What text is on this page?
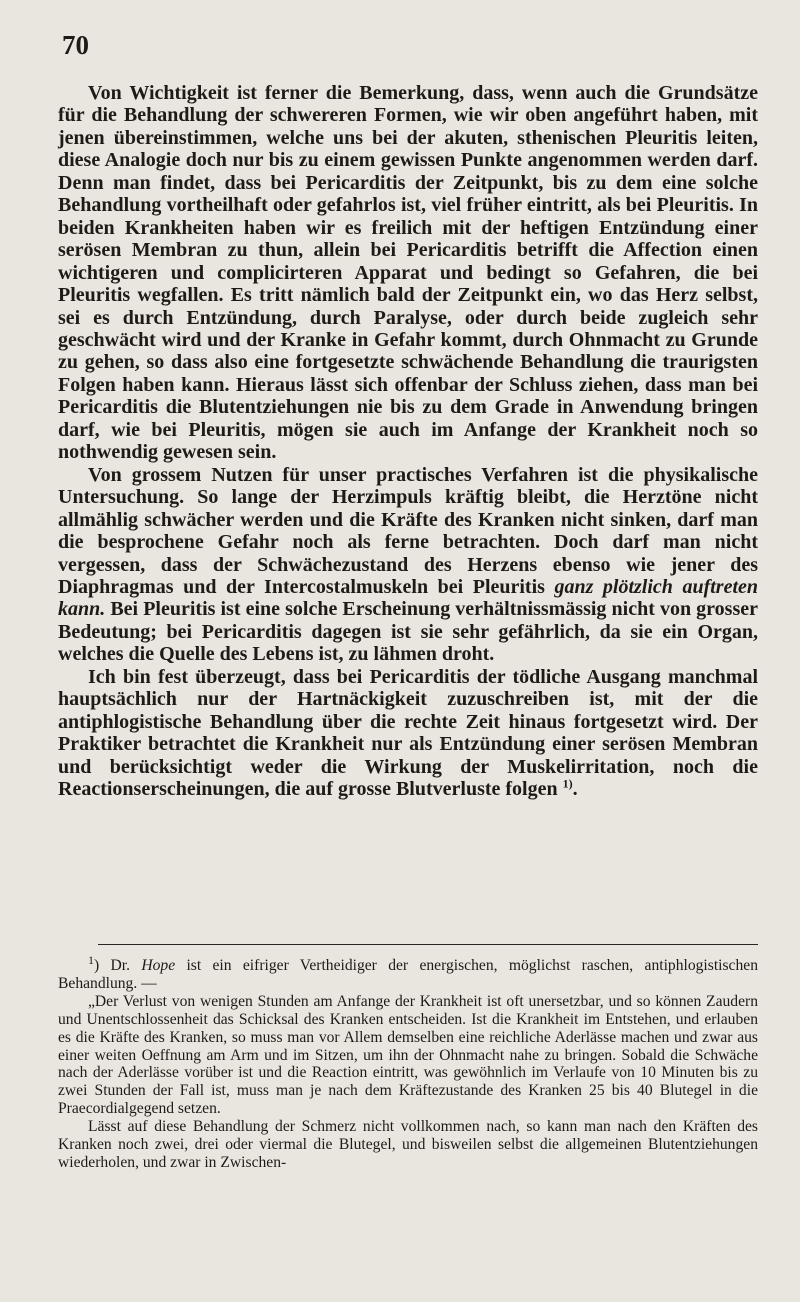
70

Von Wichtigkeit ist ferner die Bemerkung, dass, wenn auch die Grundsätze für die Behandlung der schwereren Formen, wie wir oben angeführt haben, mit jenen übereinstimmen, welche uns bei der akuten, sthenischen Pleuritis leiten, diese Analogie doch nur bis zu einem gewissen Punkte angenommen werden darf. Denn man findet, dass bei Pericarditis der Zeitpunkt, bis zu dem eine solche Behandlung vortheilhaft oder gefahrlos ist, viel früher eintritt, als bei Pleuritis. In beiden Krankheiten haben wir es freilich mit der heftigen Entzündung einer serösen Membran zu thun, allein bei Pericarditis betrifft die Affection einen wichtigeren und complicirteren Apparat und bedingt so Gefahren, die bei Pleuritis wegfallen. Es tritt nämlich bald der Zeitpunkt ein, wo das Herz selbst, sei es durch Entzündung, durch Paralyse, oder durch beide zugleich sehr geschwächt wird und der Kranke in Gefahr kommt, durch Ohnmacht zu Grunde zu gehen, so dass also eine fortgesetzte schwächende Behandlung die traurigsten Folgen haben kann. Hieraus lässt sich offenbar der Schluss ziehen, dass man bei Pericarditis die Blutentziehungen nie bis zu dem Grade in Anwendung bringen darf, wie bei Pleuritis, mögen sie auch im Anfange der Krankheit noch so nothwendig gewesen sein.

Von grossem Nutzen für unser practisches Verfahren ist die physikalische Untersuchung. So lange der Herzimpuls kräftig bleibt, die Herztöne nicht allmählig schwächer werden und die Kräfte des Kranken nicht sinken, darf man die besprochene Gefahr noch als ferne betrachten. Doch darf man nicht vergessen, dass der Schwächezustand des Herzens ebenso wie jener des Diaphragmas und der Intercostalmuskeln bei Pleuritis ganz plötzlich auftreten kann. Bei Pleuritis ist eine solche Erscheinung verhältnissmässig nicht von grosser Bedeutung; bei Pericarditis dagegen ist sie sehr gefährlich, da sie ein Organ, welches die Quelle des Lebens ist, zu lähmen droht.

Ich bin fest überzeugt, dass bei Pericarditis der tödliche Ausgang manchmal hauptsächlich nur der Hartnäckigkeit zuzuschreiben ist, mit der die antiphlogistische Behandlung über die rechte Zeit hinaus fortgesetzt wird. Der Praktiker betrachtet die Krankheit nur als Entzündung einer serösen Membran und berücksichtigt weder die Wirkung der Muskelirritation, noch die Reactionserscheinungen, die auf grosse Blutverluste folgen $^{1)}$.

$^1$) Dr. Hope ist ein eifriger Vertheidiger der energischen, möglichst raschen, antiphlogistischen Behandlung. —

„Der Verlust von wenigen Stunden am Anfange der Krankheit ist oft unersetzbar, und so können Zaudern und Unentschlossenheit das Schicksal des Kranken entscheiden. Ist die Krankheit im Entstehen, und erlauben es die Kräfte des Kranken, so muss man vor Allem demselben eine reichliche Aderlässe machen und zwar aus einer weiten Oeffnung am Arm und im Sitzen, um ihn der Ohnmacht nahe zu bringen. Sobald die Schwäche nach der Aderlässe vorüber ist und die Reaction eintritt, was gewöhnlich im Verlaufe von 10 Minuten bis zu zwei Stunden der Fall ist, muss man je nach dem Kräftezustande des Kranken 25 bis 40 Blutegel in die Praecordialgegend setzen.

Lässt auf diese Behandlung der Schmerz nicht vollkommen nach, so kann man nach den Kräften des Kranken noch zwei, drei oder viermal die Blutegel, und bisweilen selbst die allgemeinen Blutentziehungen wiederholen, und zwar in Zwischen-
